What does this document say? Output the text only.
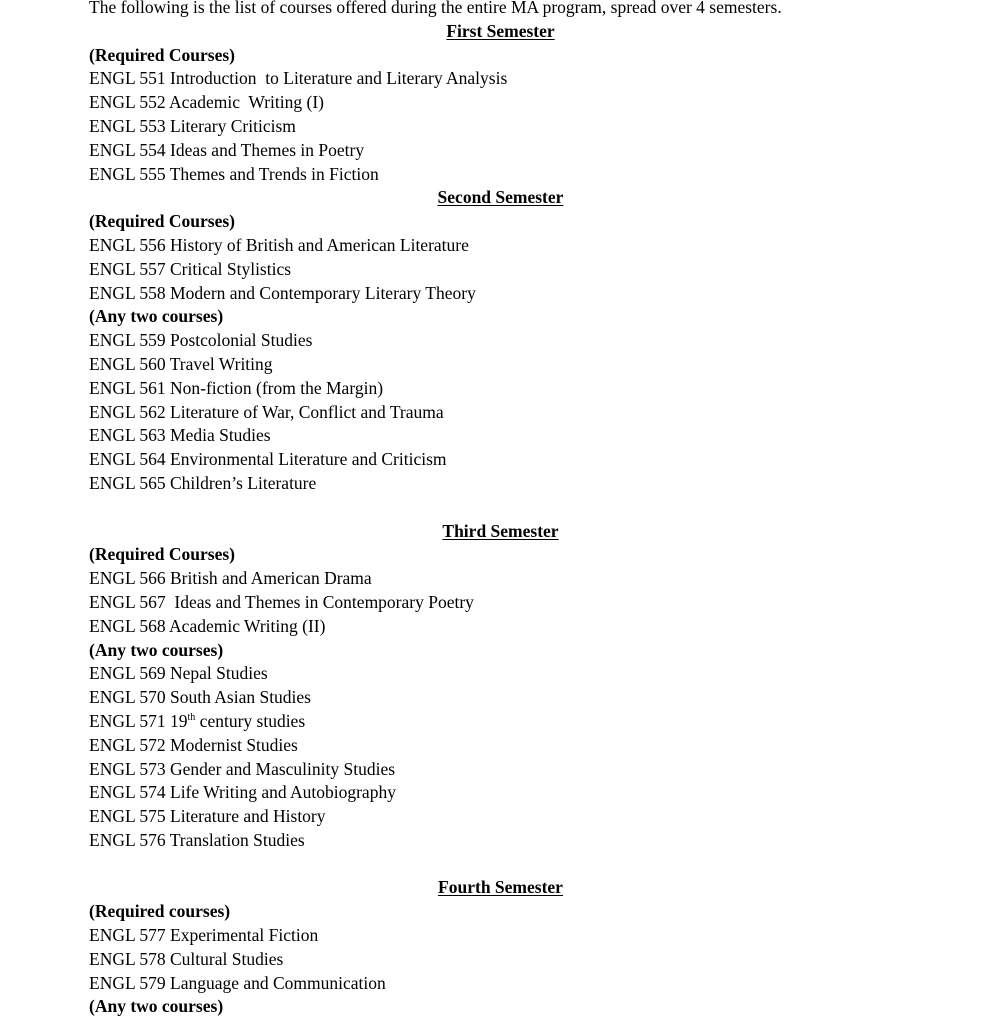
The following is the list of courses offered during the entire MA program, spread over 4 semesters.

First Semester

(Required Courses)

ENGL 551 Introduction  to Literature and Literary Analysis

ENGL 552 Academic  Writing (I)

ENGL 553 Literary Criticism

ENGL 554 Ideas and Themes in Poetry

ENGL 555 Themes and Trends in Fiction

Second Semester

(Required Courses)

ENGL 556 History of British and American Literature

ENGL 557 Critical Stylistics

ENGL 558 Modern and Contemporary Literary Theory

(Any two courses)

ENGL 559 Postcolonial Studies

ENGL 560 Travel Writing

ENGL 561 Non-fiction (from the Margin)

ENGL 562 Literature of War, Conflict and Trauma

ENGL 563 Media Studies

ENGL 564 Environmental Literature and Criticism

ENGL 565 Children’s Literature

Third Semester

(Required Courses)

ENGL 566 British and American Drama

ENGL 567  Ideas and Themes in Contemporary Poetry

ENGL 568 Academic Writing (II)

(Any two courses)

ENGL 569 Nepal Studies

ENGL 570 South Asian Studies

ENGL 571 19th century studies

ENGL 572 Modernist Studies

ENGL 573 Gender and Masculinity Studies

ENGL 574 Life Writing and Autobiography

ENGL 575 Literature and History

ENGL 576 Translation Studies

Fourth Semester

(Required courses)

ENGL 577 Experimental Fiction

ENGL 578 Cultural Studies

ENGL 579 Language and Communication

(Any two courses)
